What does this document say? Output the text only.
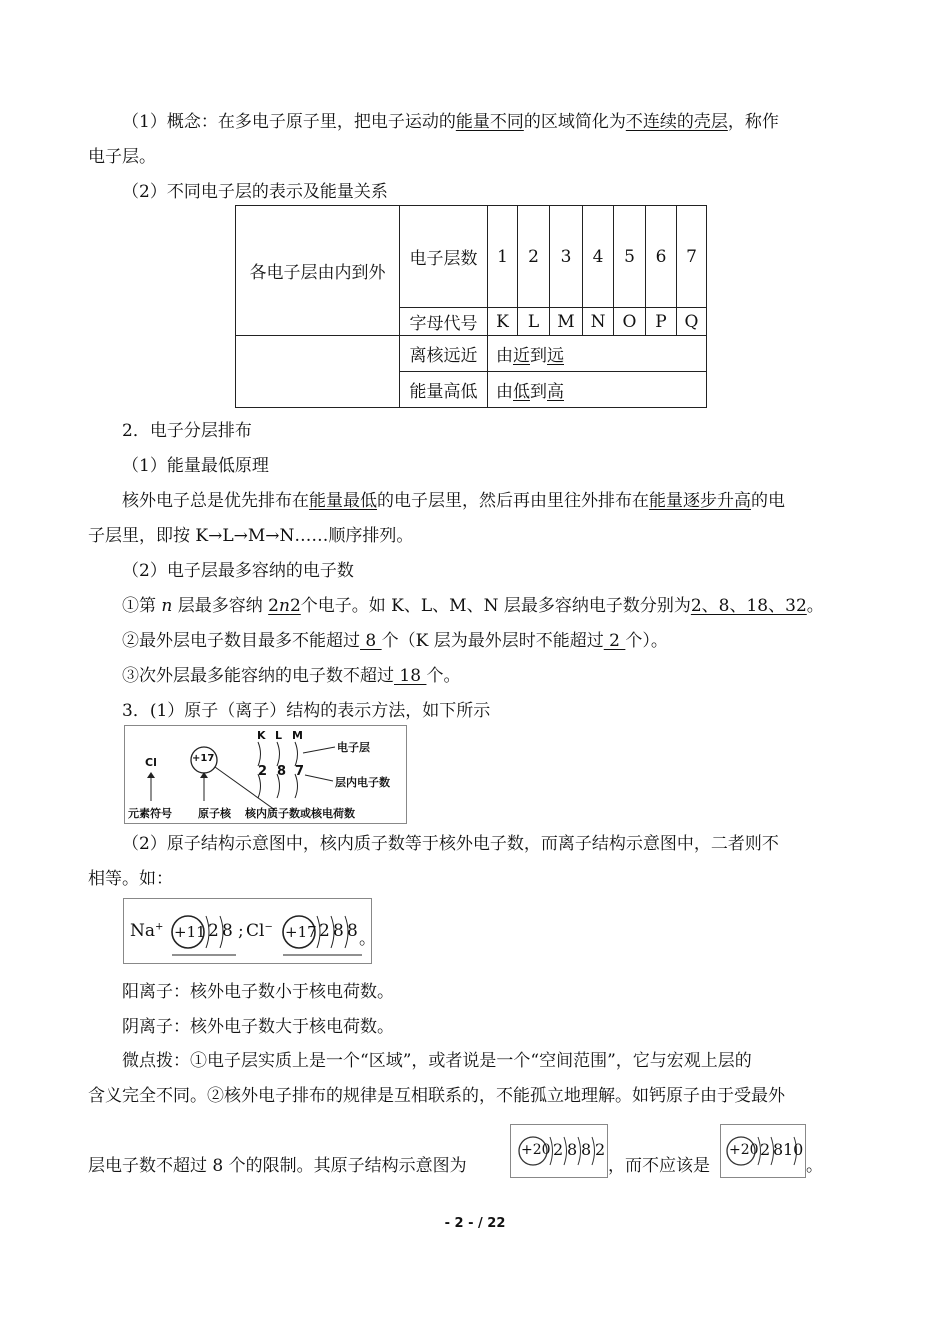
（1）概念：在多电子原子里，把电子运动的能量不同的区域简化为不连续的壳层，称作
电子层。
（2）不同电子层的表示及能量关系
各电子层由内到外	电子层数	1	2	3	4	5	6	7
	字母代号	K	L	M	N	O	P	Q
	离核远近	由近到远						
	能量高低	由低到高						
2．电子分层排布
（1）能量最低原理
核外电子总是优先排布在能量最低的电子层里，然后再由里往外排布在能量逐步升高的电
子层里，即按 K→L→M→N……顺序排列。
（2）电子层最多容纳的电子数
①第 n 层最多容纳 2n2个电子。如 K、L、M、N 层最多容纳电子数分别为2、8、18、32。
②最外层电子数目最多不能超过 8 个（K 层为最外层时不能超过 2 个）。
③次外层最多能容纳的电子数不超过 18 个。
3．(1）原子（离子）结构的表示方法，如下所示
Cl	+17
K L M
2 8 7
电子层
层内电子数
元素符号 原子核 核内质子数或核电荷数
（2）原子结构示意图中，核内质子数等于核外电子数，而离子结构示意图中，二者则不
相等。如：
Na+ +11 2 8 ; Cl− +17 2 8 8 。
阳离子：核外电子数小于核电荷数。
阴离子：核外电子数大于核电荷数。
微点拨：①电子层实质上是一个“区域”，或者说是一个“空间范围”，它与宏观上层的
含义完全不同。②核外电子排布的规律是互相联系的，不能孤立地理解。如钙原子由于受最外
层电子数不超过 8 个的限制。其原子结构示意图为
+20 2 8 8 2
，而不应该是
+20 2 8 10
。
- 2 - / 22
